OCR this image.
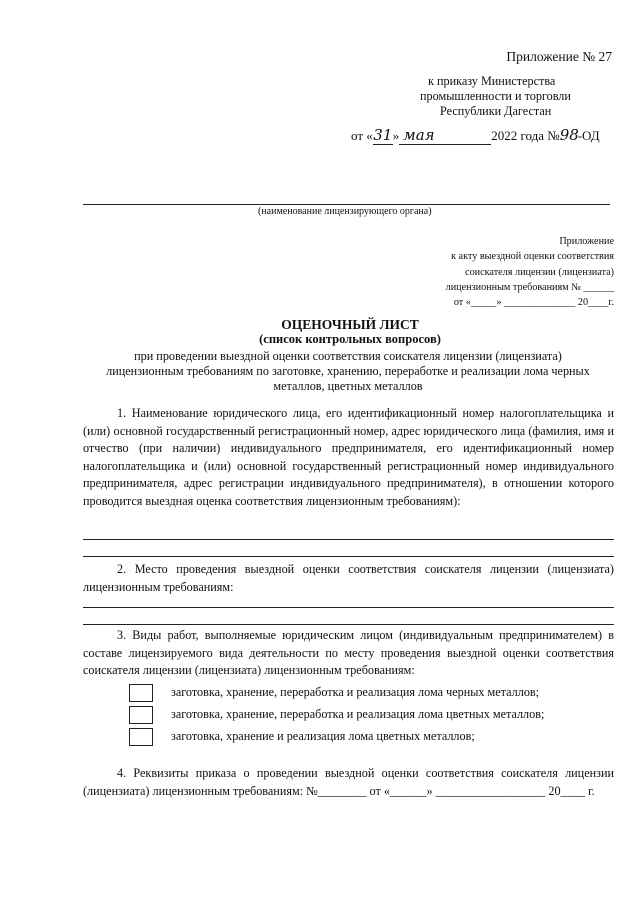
Приложение № 27
к приказу Министерства
промышленности и торговли
Республики Дагестан
от «31» мая	2022 года №98-ОД
(наименование лицензирующего органа)
Приложение
к акту выездной оценки соответствия
соискателя лицензии (лицензиата)
лицензионным требованиям № ______
от «_____» ______________ 20____г.
ОЦЕНОЧНЫЙ ЛИСТ
(список контрольных вопросов)
при проведении выездной оценки соответствия соискателя лицензии (лицензиата)
лицензионным требованиям по заготовке, хранению, переработке и реализации лома черных
металлов, цветных металлов
1. Наименование юридического лица, его идентификационный номер налогоплательщика и (или) основной государственный регистрационный номер, адрес юридического лица (фамилия, имя и отчество (при наличии) индивидуального предпринимателя, его идентификационный номер налогоплательщика и (или) основной государственный регистрационный номер индивидуального предпринимателя, адрес регистрации индивидуального предпринимателя), в отношении которого проводится выездная оценка соответствия лицензионным требованиям):
2. Место проведения выездной оценки соответствия соискателя лицензии (лицензиата) лицензионным требованиям:
3. Виды работ, выполняемые юридическим лицом (индивидуальным предпринимателем) в составе лицензируемого вида деятельности по месту проведения выездной оценки соответствия соискателя лицензии (лицензиата) лицензионным требованиям:
заготовка, хранение, переработка и реализация лома черных металлов;
заготовка, хранение, переработка и реализация лома цветных металлов;
заготовка, хранение и реализация лома цветных металлов;
4. Реквизиты приказа о проведении выездной оценки соответствия соискателя лицензии (лицензиата) лицензионным требованиям: №________ от «______» __________________ 20____ г.
